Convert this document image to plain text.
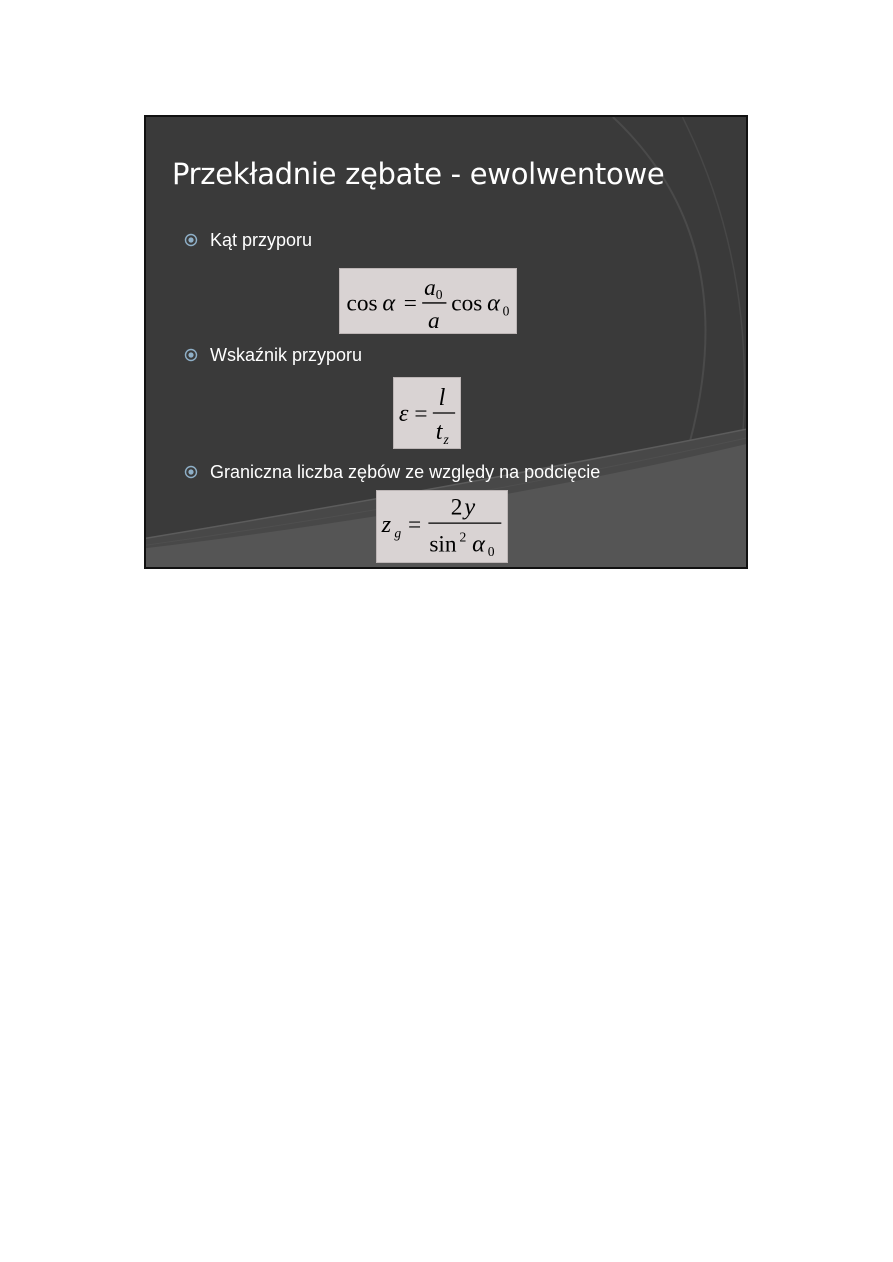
Przekładnie zębate - ewolwentowe
Kąt przyporu
cos α =
a 0
a
cos α 0
Wskaźnik przyporu
ε =
l
t z
Graniczna liczba zębów ze względy na podcięcie
z g =
2 y
sin 2 α 0
